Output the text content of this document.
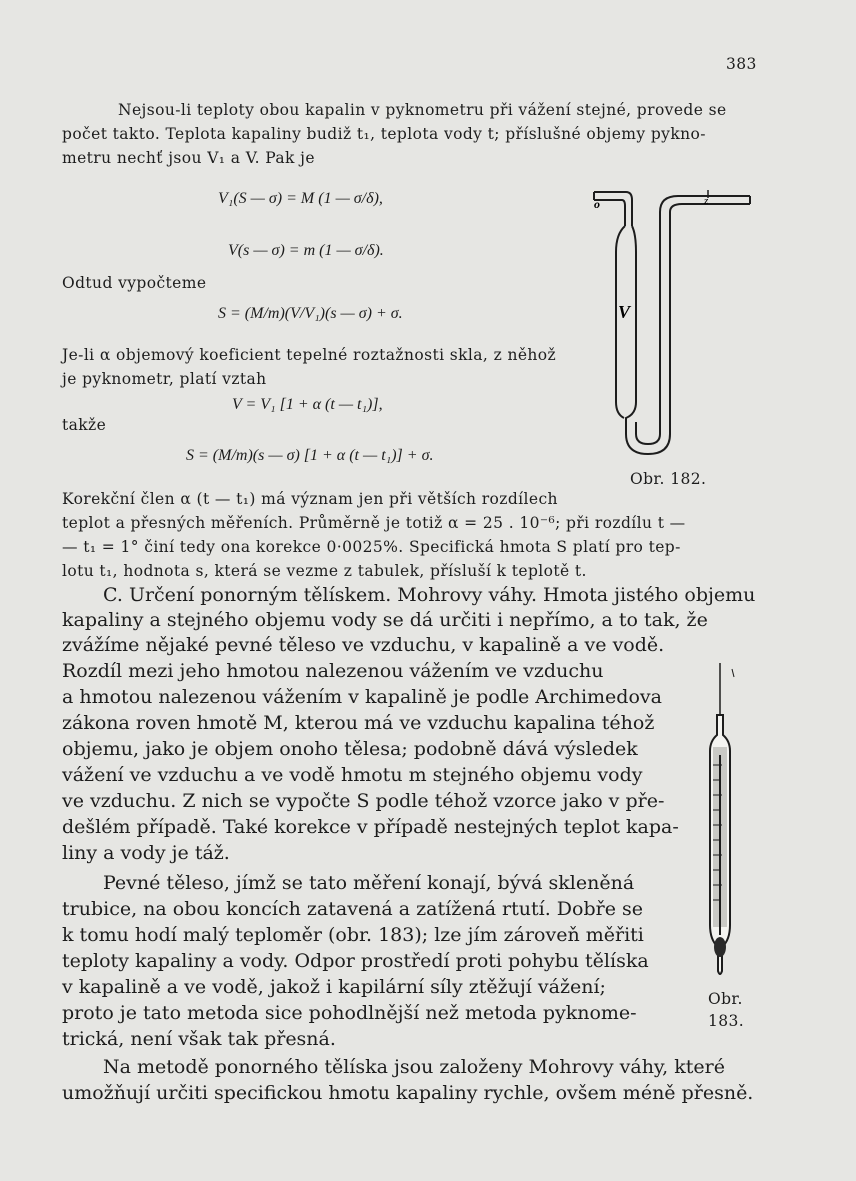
383
Nejsou-li teploty obou kapalin v pyknometru při vážení stejné, provede se
počet takto. Teplota kapaliny budiž t₁, teplota vody t; příslušné objemy pykno-
metru nechť jsou V₁ a V. Pak je
V₁(S — σ) = M (1 — σ/δ),
V(s — σ) = m (1 — σ/δ).
Odtud vypočteme
S = (M/m)(V/V₁)(s — σ) + σ.
Je-li α objemový koeficient tepelné roztažnosti skla, z něhož
je pyknometr, platí vztah
V = V₁ [1 + α (t — t₁)],
takže
S = (M/m)(s — σ) [1 + α (t — t₁)] + σ.
Korekční člen α (t — t₁) má význam jen při větších rozdílech
teplot a přesných měřeních. Průměrně je totiž α = 25 . 10⁻⁶; při rozdílu t —
— t₁ = 1° činí tedy ona korekce 0·0025%. Specifická hmota S platí pro tep-
lotu t₁, hodnota s, která se vezme z tabulek, přísluší k teplotě t.
C. Určení ponorným tělískem. Mohrovy váhy. Hmota jistého objemu
kapaliny a stejného objemu vody se dá určiti i nepřímo, a to tak, že
zvážíme nějaké pevné těleso ve vzduchu, v kapalině a ve vodě.
Rozdíl mezi jeho hmotou nalezenou vážením ve vzduchu
a hmotou nalezenou vážením v kapalině je podle Archimedova
zákona roven hmotě M, kterou má ve vzduchu kapalina téhož
objemu, jako je objem onoho tělesa; podobně dává výsledek
vážení ve vzduchu a ve vodě hmotu m stejného objemu vody
ve vzduchu. Z nich se vypočte S podle téhož vzorce jako v pře-
dešlém případě. Také korekce v případě nestejných teplot kapa-
liny a vody je táž.
Pevné těleso, jímž se tato měření konají, bývá skleněná
trubice, na obou koncích zatavená a zatížená rtutí. Dobře se
k tomu hodí malý teploměr (obr. 183); lze jím zároveň měřiti
teploty kapaliny a vody. Odpor prostředí proti pohybu tělíska
v kapalině a ve vodě, jakož i kapilární síly ztěžují vážení;
proto je tato metoda sice pohodlnější než metoda pyknome-
trická, není však tak přesná.
Na metodě ponorného tělíska jsou založeny Mohrovy váhy, které
umožňují určiti specifickou hmotu kapaliny rychle, ovšem méně přesně.
o	z
V
Obr. 182.
Obr.
183.
